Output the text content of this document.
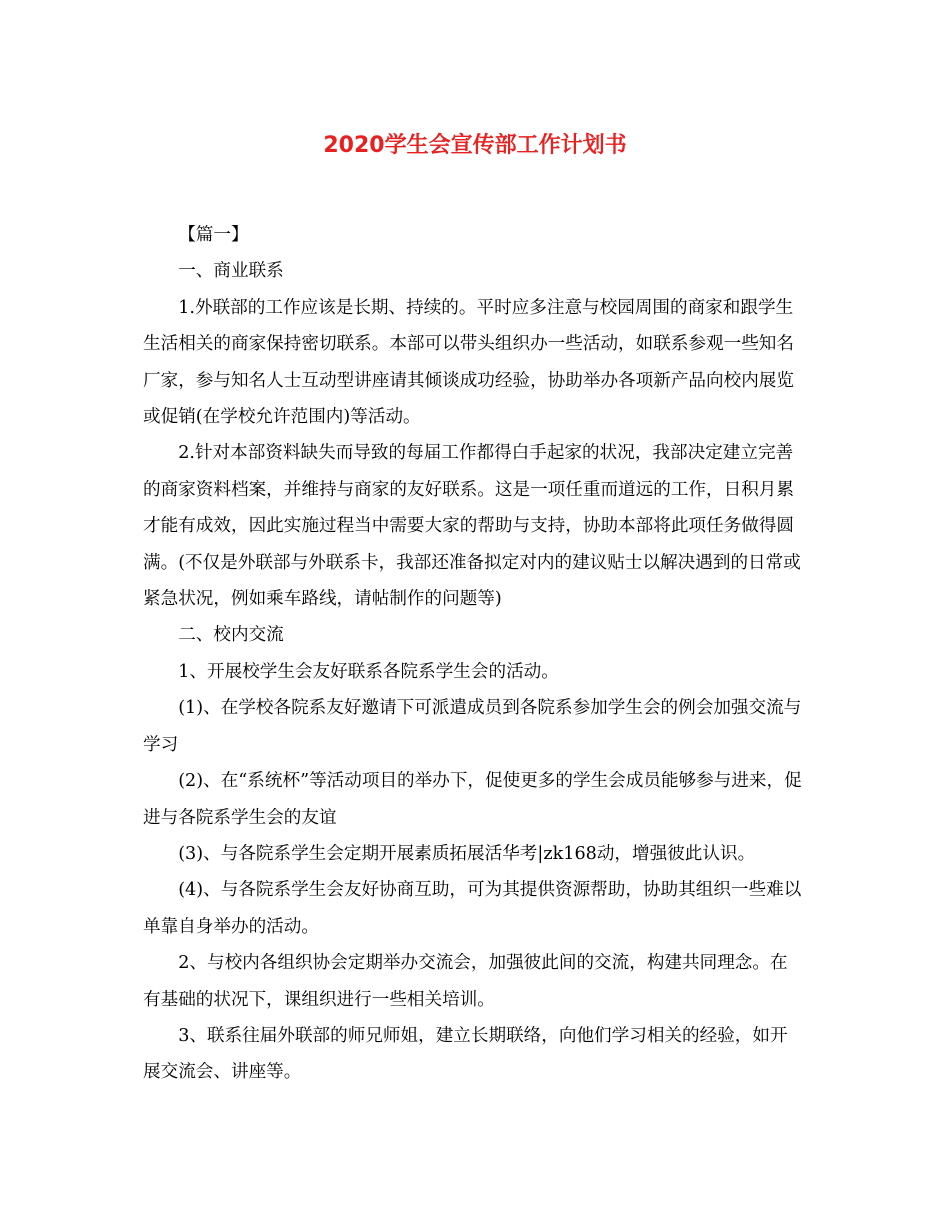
2020学生会宣传部工作计划书

【篇一】

一、商业联系

1.外联部的工作应该是长期、持续的。平时应多注意与校园周围的商家和跟学生生活相关的商家保持密切联系。本部可以带头组织办一些活动，如联系参观一些知名厂家，参与知名人士互动型讲座请其倾谈成功经验，协助举办各项新产品向校内展览或促销(在学校允许范围内)等活动。

2.针对本部资料缺失而导致的每届工作都得白手起家的状况，我部决定建立完善的商家资料档案，并维持与商家的友好联系。这是一项任重而道远的工作，日积月累才能有成效，因此实施过程当中需要大家的帮助与支持，协助本部将此项任务做得圆满。(不仅是外联部与外联系卡，我部还准备拟定对内的建议贴士以解决遇到的日常或紧急状况，例如乘车路线，请帖制作的问题等)

二、校内交流

1、开展校学生会友好联系各院系学生会的活动。

(1)、在学校各院系友好邀请下可派遣成员到各院系参加学生会的例会加强交流与学习

(2)、在“系统杯”等活动项目的举办下，促使更多的学生会成员能够参与进来，促进与各院系学生会的友谊

(3)、与各院系学生会定期开展素质拓展活华考|zk168动，增强彼此认识。

(4)、与各院系学生会友好协商互助，可为其提供资源帮助，协助其组织一些难以单靠自身举办的活动。

2、与校内各组织协会定期举办交流会，加强彼此间的交流，构建共同理念。在有基础的状况下，课组织进行一些相关培训。

3、联系往届外联部的师兄师姐，建立长期联络，向他们学习相关的经验，如开展交流会、讲座等。
